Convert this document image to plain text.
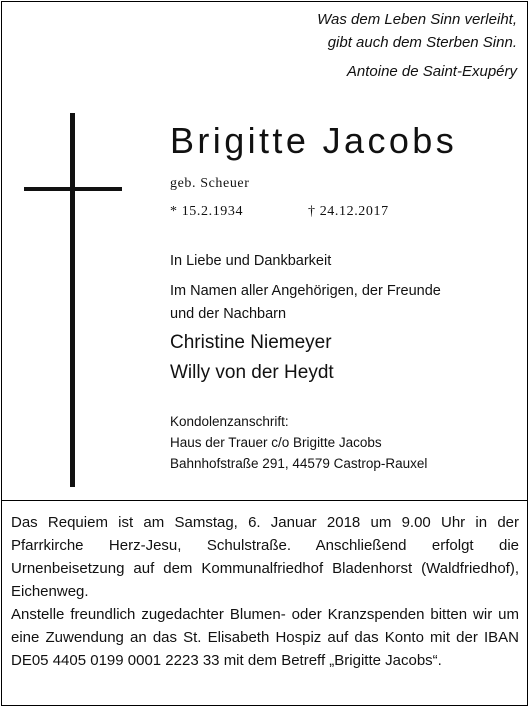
Was dem Leben Sinn verleiht,
gibt auch dem Sterben Sinn.
Antoine de Saint-Exupéry
Brigitte Jacobs
geb. Scheuer
* 15.2.1934	† 24.12.2017
In Liebe und Dankbarkeit
Im Namen aller Angehörigen, der Freunde
und der Nachbarn
Christine Niemeyer
Willy von der Heydt
Kondolenzanschrift:
Haus der Trauer c/o Brigitte Jacobs
Bahnhofstraße 291, 44579 Castrop-Rauxel

Das Requiem ist am Samstag, 6. Januar 2018 um 9.00 Uhr in der Pfarrkirche Herz-Jesu, Schulstraße. Anschließend erfolgt die Urnenbeisetzung auf dem Kommunalfriedhof Bladenhorst (Waldfriedhof), Eichenweg.

Anstelle freundlich zugedachter Blumen- oder Kranzspenden bitten wir um eine Zuwendung an das St. Elisabeth Hospiz auf das Konto mit der IBAN DE05 4405 0199 0001 2223 33 mit dem Betreff „Brigitte Jacobs“.
